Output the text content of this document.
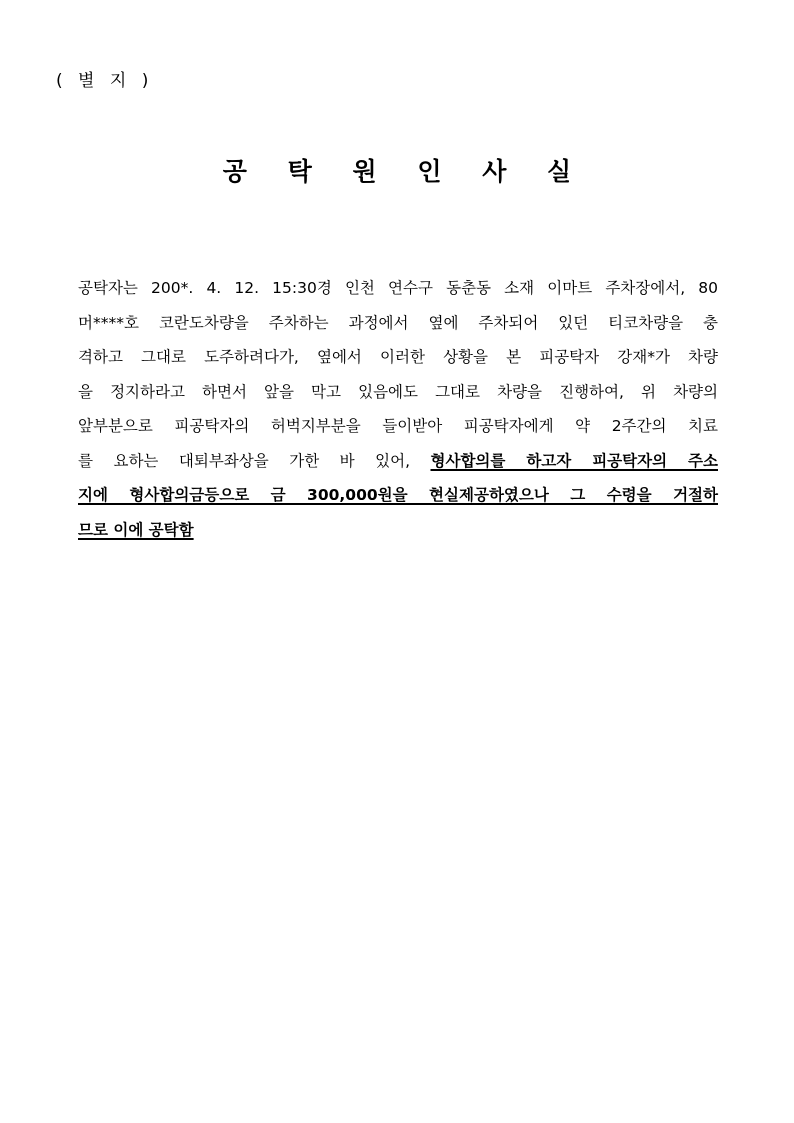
( 별 지 )
공 탁 원 인 사 실
공탁자는 200*. 4. 12. 15:30경 인천 연수구 동춘동 소재 이마트 주차장에서, 80
머****호 코란도차량을 주차하는 과정에서 옆에 주차되어 있던 티코차량을 충
격하고 그대로 도주하려다가, 옆에서 이러한 상황을 본 피공탁자 강재*가 차량
을 정지하라고 하면서 앞을 막고 있음에도 그대로 차량을 진행하여, 위 차량의
앞부분으로 피공탁자의 허벅지부분을 들이받아 피공탁자에게 약 2주간의 치료
를 요하는 대퇴부좌상을 가한 바 있어, 형사합의를 하고자 피공탁자의 주소
지에 형사합의금등으로 금 300,000원을 현실제공하였으나 그 수령을 거절하
므로 이에 공탁함
